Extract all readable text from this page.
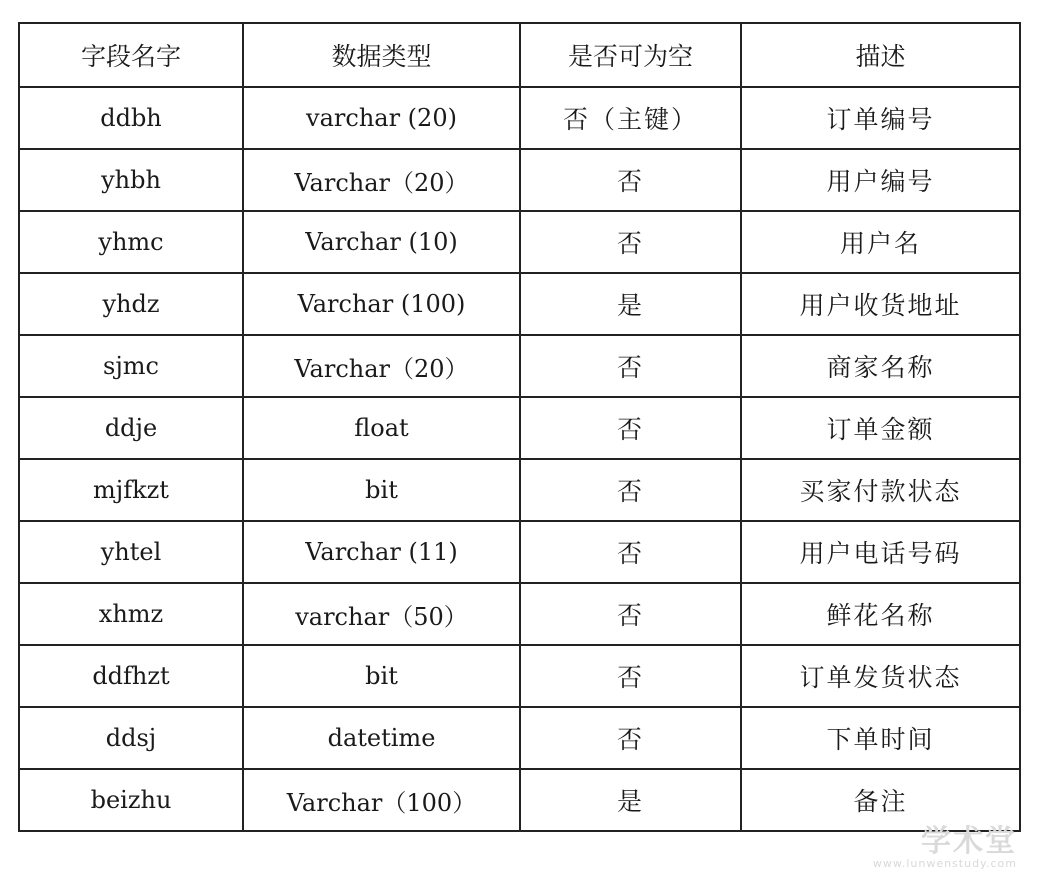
字段名字	数据类型	是否可为空	描述
ddbh	varchar (20)	否（主键）	订单编号
yhbh	Varchar（20）	否	用户编号
yhmc	Varchar (10)	否	用户名
yhdz	Varchar (100)	是	用户收货地址
sjmc	Varchar（20）	否	商家名称
ddje	float	否	订单金额
mjfkzt	bit	否	买家付款状态
yhtel	Varchar (11)	否	用户电话号码
xhmz	varchar（50）	否	鲜花名称
ddfhzt	bit	否	订单发货状态
ddsj	datetime	否	下单时间
beizhu	Varchar（100）	是	备注
学术堂
www.lunwenstudy.com
